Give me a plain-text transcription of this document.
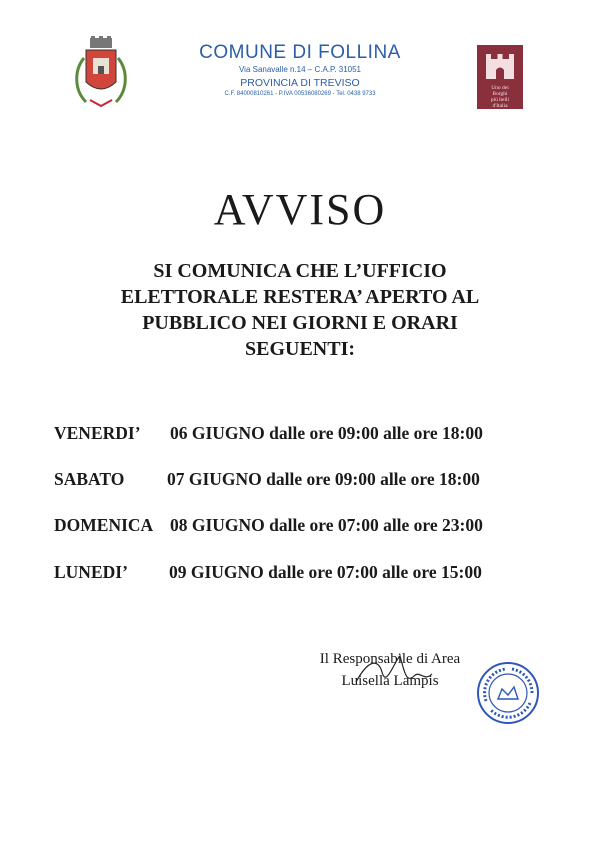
COMUNE DI FOLLINA
Via Sanavalle n.14 – C.A.P. 31051
PROVINCIA DI TREVISO
C.F. 84000810261 - P.IVA 00536080269 - Tel. 0438 9733
Uno dei
Borghi
più belli
d'Italia
AVVISO
SI COMUNICA CHE L’UFFICIO
ELETTORALE RESTERA’ APERTO AL
PUBBLICO NEI GIORNI E ORARI
SEGUENTI:
VENERDI’ 06 GIUGNO dalle ore 09:00 alle ore 18:00
SABATO 07 GIUGNO dalle ore 09:00 alle ore 18:00
DOMENICA 08 GIUGNO dalle ore 07:00 alle ore 23:00
LUNEDI’ 09 GIUGNO dalle ore 07:00 alle ore 15:00
Il Responsabile di Area
Luisella Lampis
